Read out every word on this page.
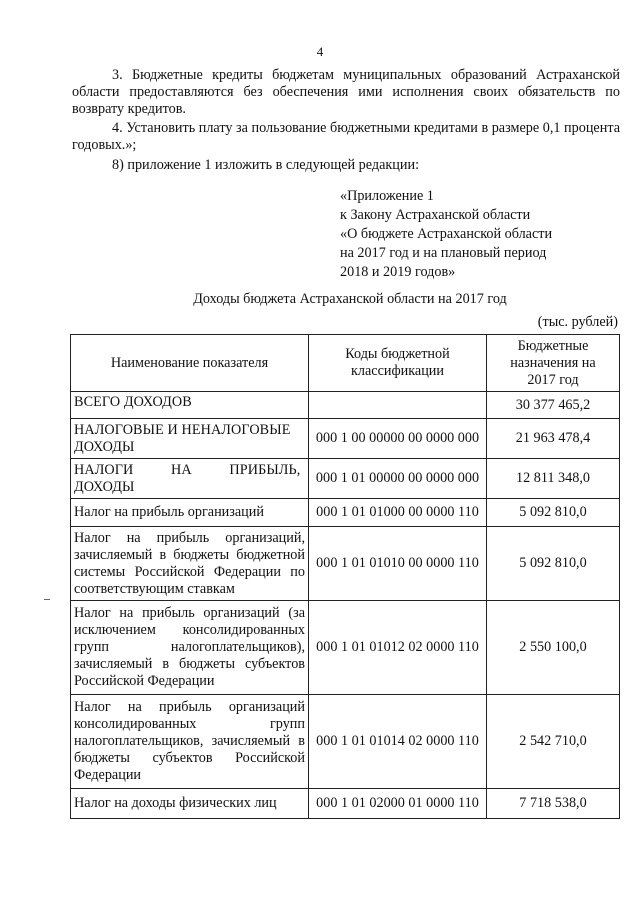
4
3. Бюджетные кредиты бюджетам муниципальных образований Астраханской области предоставляются без обеспечения ими исполнения своих обязательств по возврату кредитов.
4. Установить плату за пользование бюджетными кредитами в размере 0,1 процента годовых.»;
8) приложение 1 изложить в следующей редакции:
«Приложение 1
к Закону Астраханской области
«О бюджете Астраханской области
на 2017 год и на плановый период
2018 и 2019 годов»
Доходы бюджета Астраханской области на 2017 год
(тыс. рублей)
Наименование показателя	Коды бюджетной классификации	Бюджетные назначения на 2017 год
ВСЕГО ДОХОДОВ		30 377 465,2
НАЛОГОВЫЕ И НЕНАЛОГОВЫЕ ДОХОДЫ	000 1 00 00000 00 0000 000	21 963 478,4
НАЛОГИ НА ПРИБЫЛЬ, ДОХОДЫ	000 1 01 00000 00 0000 000	12 811 348,0
Налог на прибыль организаций	000 1 01 01000 00 0000 110	5 092 810,0
Налог на прибыль организаций, зачисляемый в бюджеты бюджетной системы Российской Федерации по соответствующим ставкам	000 1 01 01010 00 0000 110	5 092 810,0
Налог на прибыль организаций (за исключением консолидированных групп налогоплательщиков), зачисляемый в бюджеты субъектов Российской Федерации	000 1 01 01012 02 0000 110	2 550 100,0
Налог на прибыль организаций консолидированных групп налогоплательщиков, зачисляемый в бюджеты субъектов Российской Федерации	000 1 01 01014 02 0000 110	2 542 710,0
Налог на доходы физических лиц	000 1 01 02000 01 0000 110	7 718 538,0
